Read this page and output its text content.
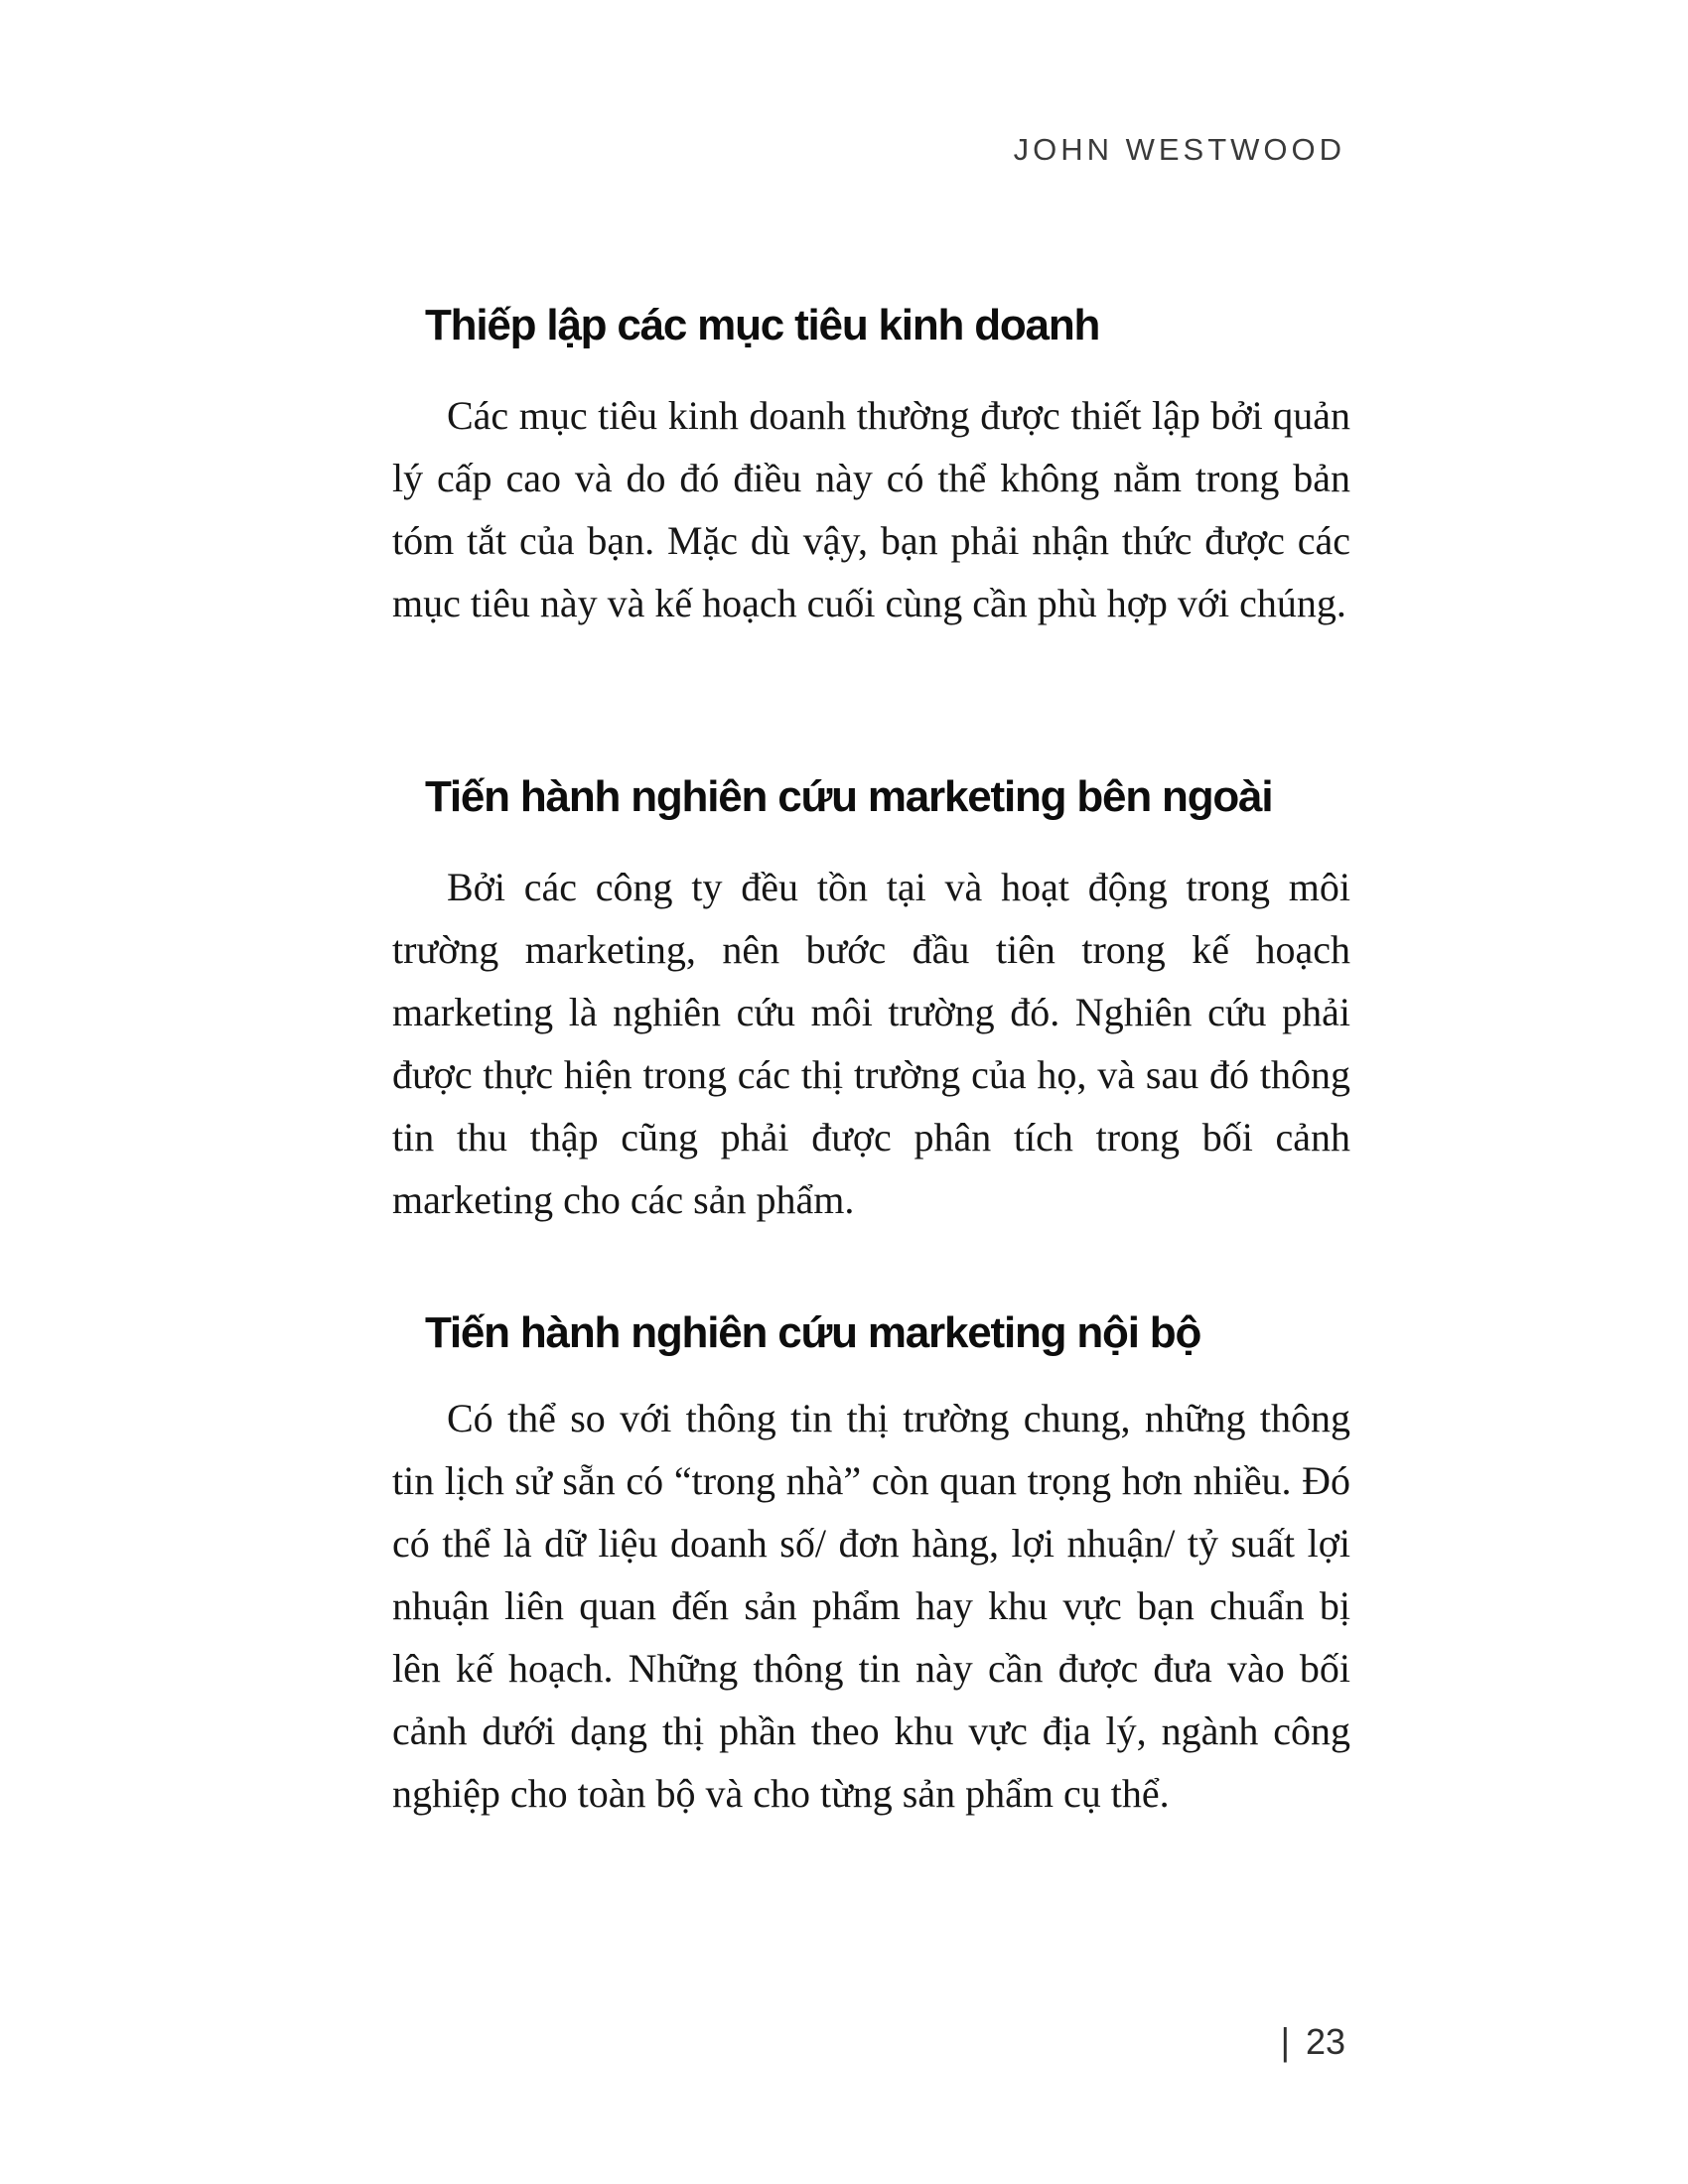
JOHN WESTWOOD
Thiếp lập các mục tiêu kinh doanh

Các mục tiêu kinh doanh thường được thiết lập bởi quản lý cấp cao và do đó điều này có thể không nằm trong bản tóm tắt của bạn. Mặc dù vậy, bạn phải nhận thức được các mục tiêu này và kế hoạch cuối cùng cần phù hợp với chúng.

Tiến hành nghiên cứu marketing bên ngoài

Bởi các công ty đều tồn tại và hoạt động trong môi trường marketing, nên bước đầu tiên trong kế hoạch marketing là nghiên cứu môi trường đó. Nghiên cứu phải được thực hiện trong các thị trường của họ, và sau đó thông tin thu thập cũng phải được phân tích trong bối cảnh marketing cho các sản phẩm.

Tiến hành nghiên cứu marketing nội bộ

Có thể so với thông tin thị trường chung, những thông tin lịch sử sẵn có “trong nhà” còn quan trọng hơn nhiều. Đó có thể là dữ liệu doanh số/ đơn hàng, lợi nhuận/ tỷ suất lợi nhuận liên quan đến sản phẩm hay khu vực bạn chuẩn bị lên kế hoạch. Những thông tin này cần được đưa vào bối cảnh dưới dạng thị phần theo khu vực địa lý, ngành công nghiệp cho toàn bộ và cho từng sản phẩm cụ thể.

| 23
